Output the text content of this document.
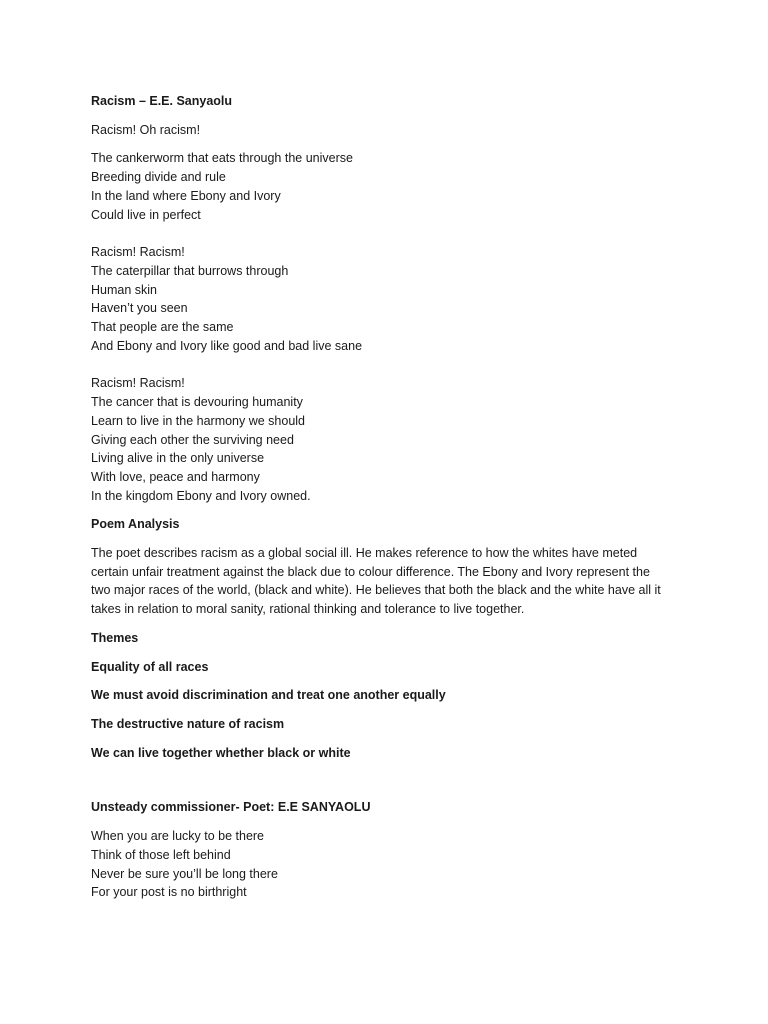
Racism – E.E. Sanyaolu

Racism! Oh racism!

The cankerworm that eats through the universe

Breeding divide and rule

In the land where Ebony and Ivory

Could live in perfect

Racism! Racism!

The caterpillar that burrows through

Human skin

Haven’t you seen

That people are the same

And Ebony and Ivory like good and bad live sane

Racism! Racism!

The cancer that is devouring humanity

Learn to live in the harmony we should

Giving each other the surviving need

Living alive in the only universe

With love, peace and harmony

In the kingdom Ebony and Ivory owned.

Poem Analysis

The poet describes racism as a global social ill. He makes reference to how the whites have meted

certain unfair treatment against the black due to colour difference. The Ebony and Ivory represent the

two major races of the world, (black and white). He believes that both the black and the white have all it

takes in relation to moral sanity, rational thinking and tolerance to live together.

Themes

Equality of all races

We must avoid discrimination and treat one another equally

The destructive nature of racism

We can live together whether black or white

Unsteady commissioner- Poet: E.E SANYAOLU

When you are lucky to be there

Think of those left behind

Never be sure you’ll be long there

For your post is no birthright
